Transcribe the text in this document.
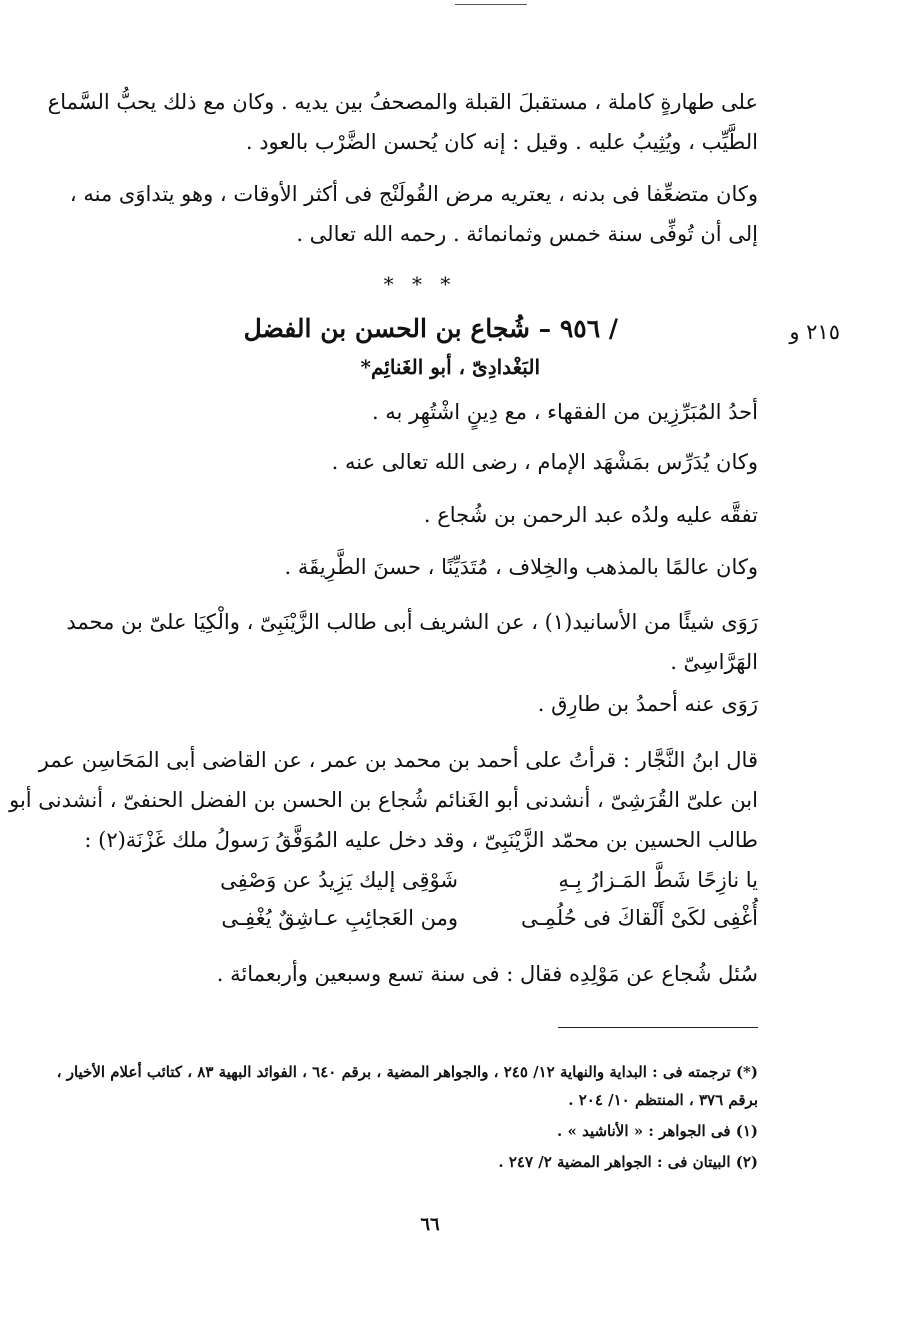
على طهارةٍ كاملة ، مستقبلَ القبلة والمصحفُ بين يديه . وكان مع ذلك يحبُّ السَّماع
الطَّيِّب ، ويُثِيبُ عليه . وقيل : إنه كان يُحسن الضَّرْب بالعود .
وكان متضعِّفا فى بدنه ، يعتريه مرض القُولَنْج فى أكثر الأوقات ، وهو يتداوَى منه ،
إلى أن تُوفِّى سنة خمس وثمانمائة . رحمه الله تعالى .
* * *
٢١٥ و
/ ٩٥٦ – شُجاع بن الحسن بن الفضل
البَغْدادِىّ ، أبو الغَنائِم*
أحدُ المُبَرِّزِين من الفقهاء ، مع دِينٍ اشْتُهِر به .
وكان يُدَرِّس بمَشْهَد الإمام ، رضى الله تعالى عنه .
تفقَّه عليه ولدُه عبد الرحمن بن شُجاع .
وكان عالمًا بالمذهب والخِلاف ، مُتَدَيِّنًا ، حسنَ الطَّرِيقَة .
رَوَى شيئًا من الأسانيد(١) ، عن الشريف أبى طالب الزَّيْنَبِىّ ، والْكِيَا علىّ بن محمد
الهَرَّاسِىّ .
رَوَى عنه أحمدُ بن طارِق .
قال ابنُ النَّجَّار : قرأتُ على أحمد بن محمد بن عمر ، عن القاضى أبى المَحَاسِن عمر
ابن علىّ القُرَشِىّ ، أنشدنى أبو الغَنائم شُجاع بن الحسن بن الفضل الحنفىّ ، أنشدنى أبو
طالب الحسين بن محمّد الزَّيْنَبِىّ ، وقد دخل عليه المُوَفَّقُ رَسولُ ملك غَزْنَة(٢) :
يا نازِحًا شَطَّ المَـزارُ بِـهِ
شَوْقِى إليك يَزِيدُ عن وَصْفِى
أُغْفِى لكَىْ أَلْقاكَ فى حُلُمِـى
ومن العَجائِبِ عـاشِقٌ يُغْفِـى
سُئل شُجاع عن مَوْلِدِه فقال : فى سنة تسع وسبعين وأربعمائة .
(*) ترجمته فى : البداية والنهاية ١٢/ ٢٤٥ ، والجواهر المضية ، برقم ٦٤٠ ، الفوائد البهية ٨٣ ، كتائب أعلام الأخيار ،
برقم ٣٧٦ ، المنتظم ١٠/ ٢٠٤ .
(١) فى الجواهر : « الأناشيد » .
(٢) البيتان فى : الجواهر المضية ٢/ ٢٤٧ .
٦٦
